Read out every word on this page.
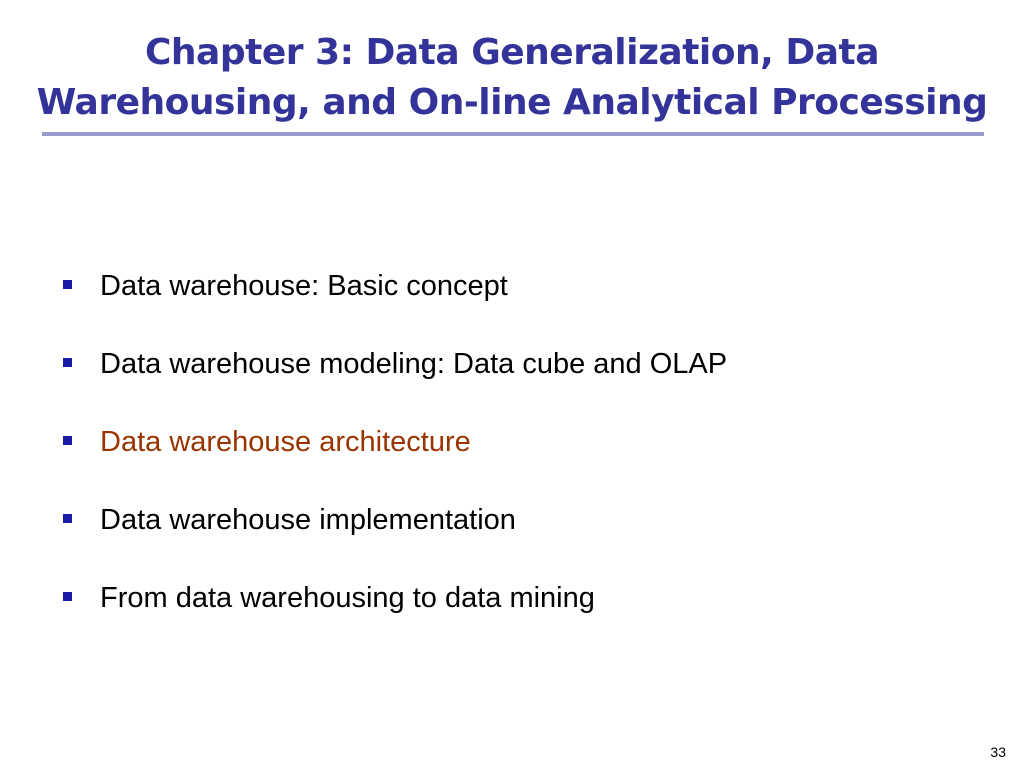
Chapter 3: Data Generalization, Data
Warehousing, and On-line Analytical Processing
Data warehouse: Basic concept
Data warehouse modeling: Data cube and OLAP
Data warehouse architecture
Data warehouse implementation
From data warehousing to data mining
33
